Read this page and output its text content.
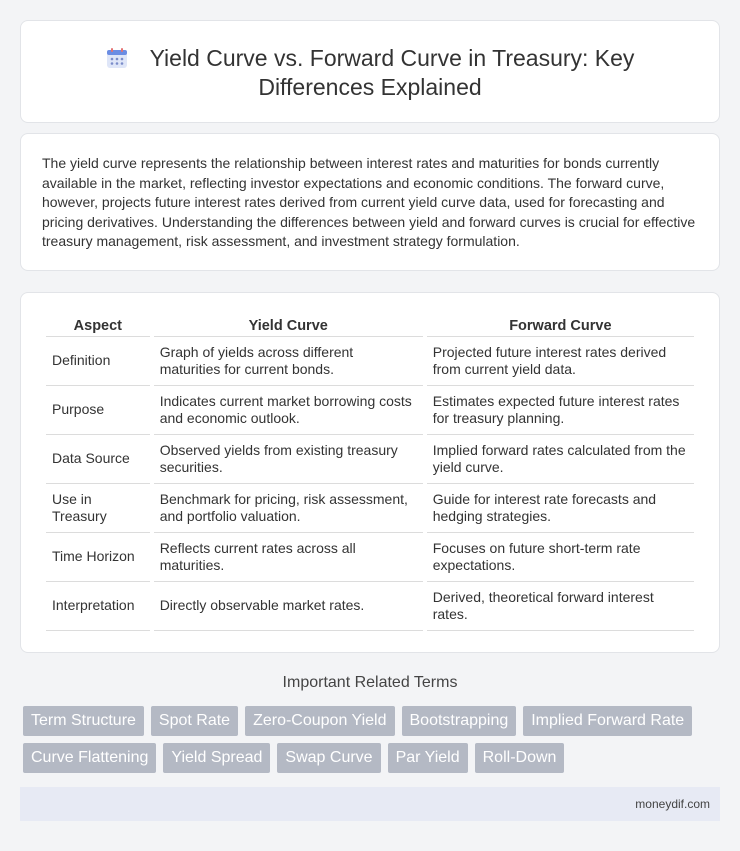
Yield Curve vs. Forward Curve in Treasury: Key
Differences Explained

The yield curve represents the relationship between interest rates and maturities for bonds currently available in the market, reflecting investor expectations and economic conditions. The forward curve, however, projects future interest rates derived from current yield curve data, used for forecasting and pricing derivatives. Understanding the differences between yield and forward curves is crucial for effective treasury management, risk assessment, and investment strategy formulation.

Aspect	Yield Curve	Forward Curve
Definition	Graph of yields across different maturities for current bonds.	Projected future interest rates derived from current yield data.
Purpose	Indicates current market borrowing costs and economic outlook.	Estimates expected future interest rates for treasury planning.
Data Source	Observed yields from existing treasury securities.	Implied forward rates calculated from the yield curve.
Use in Treasury	Benchmark for pricing, risk assessment, and portfolio valuation.	Guide for interest rate forecasts and hedging strategies.
Time Horizon	Reflects current rates across all maturities.	Focuses on future short-term rate expectations.
Interpretation	Directly observable market rates.	Derived, theoretical forward interest rates.
Important Related Terms
Term Structure	Spot Rate	Zero-Coupon Yield	Bootstrapping	Implied Forward Rate
Curve Flattening	Yield Spread	Swap Curve	Par Yield	Roll-Down
moneydif.com
